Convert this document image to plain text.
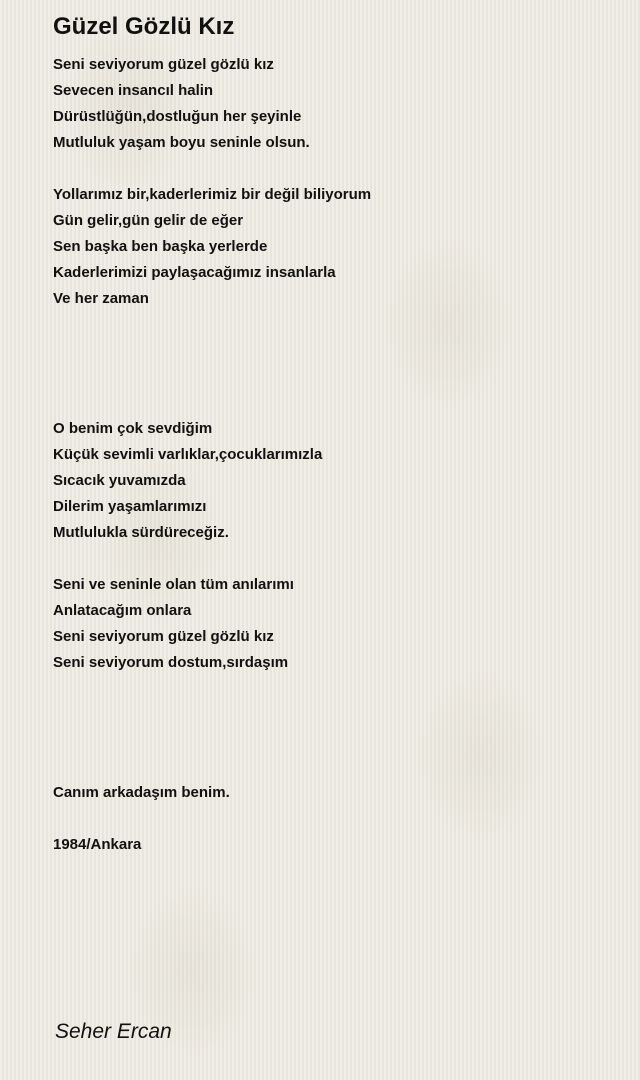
Güzel Gözlü Kız
Seni seviyorum güzel gözlü kız
Sevecen insancıl halin
Dürüstlüğün,dostluğun her şeyinle
Mutluluk yaşam boyu seninle olsun.
Yollarımız bir,kaderlerimiz bir değil biliyorum
Gün gelir,gün gelir de eğer
Sen başka ben başka yerlerde
Kaderlerimizi paylaşacağımız insanlarla
Ve her zaman
O benim çok sevdiğim
Küçük sevimli varlıklar,çocuklarımızla
Sıcacık yuvamızda
Dilerim yaşamlarımızı
Mutlulukla sürdüreceğiz.
Seni ve seninle olan tüm anılarımı
Anlatacağım onlara
Seni seviyorum güzel gözlü kız
Seni seviyorum dostum,sırdaşım
Canım arkadaşım benim.
1984/Ankara
Seher Ercan
